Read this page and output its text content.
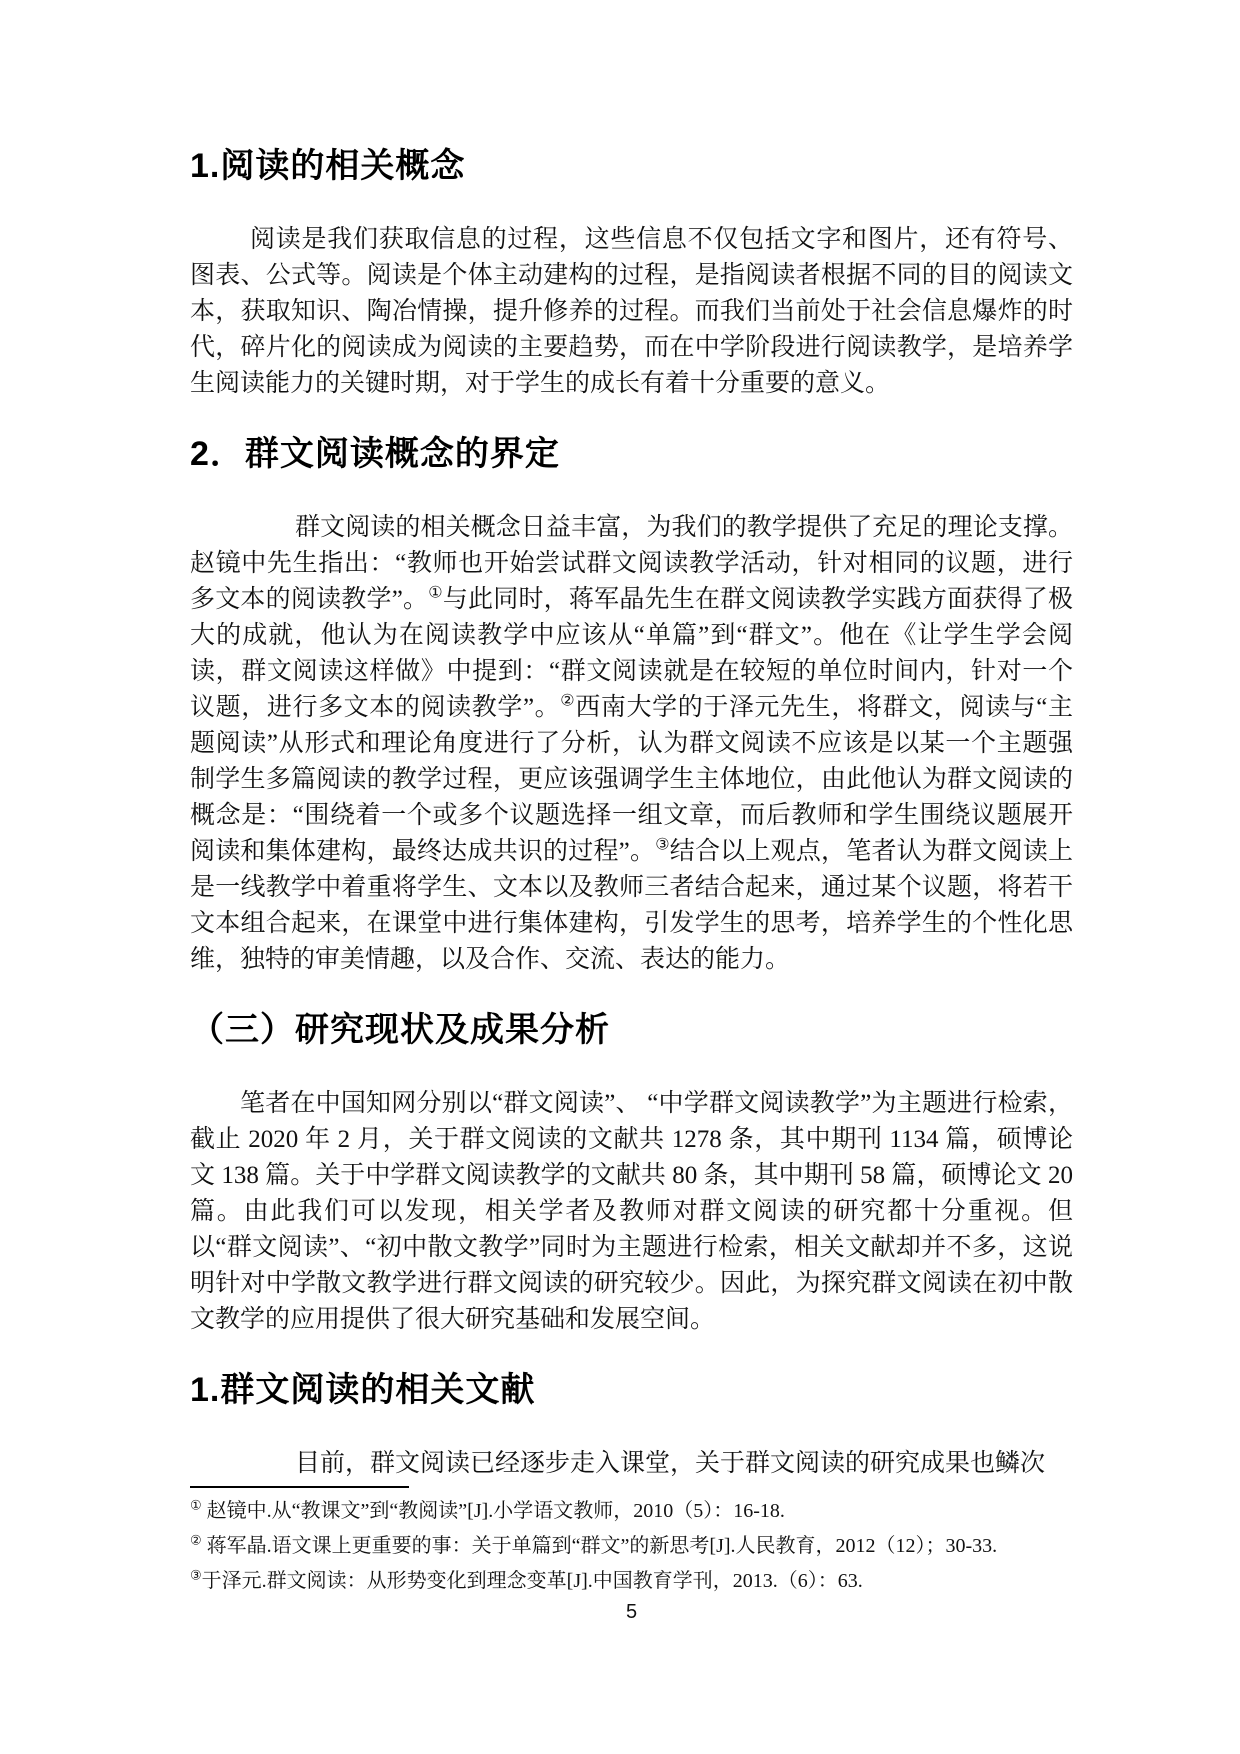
1.阅读的相关概念

阅读是我们获取信息的过程，这些信息不仅包括文字和图片，还有符号、图表、公式等。阅读是个体主动建构的过程，是指阅读者根据不同的目的阅读文本，获取知识、陶冶情操，提升修养的过程。而我们当前处于社会信息爆炸的时代，碎片化的阅读成为阅读的主要趋势，而在中学阶段进行阅读教学，是培养学生阅读能力的关键时期，对于学生的成长有着十分重要的意义。

2．群文阅读概念的界定

群文阅读的相关概念日益丰富，为我们的教学提供了充足的理论支撑。赵镜中先生指出：“教师也开始尝试群文阅读教学活动，针对相同的议题，进行多文本的阅读教学”。①与此同时，蒋军晶先生在群文阅读教学实践方面获得了极大的成就，他认为在阅读教学中应该从“单篇”到“群文”。他在《让学生学会阅读，群文阅读这样做》中提到：“群文阅读就是在较短的单位时间内，针对一个议题，进行多文本的阅读教学”。②西南大学的于泽元先生，将群文，阅读与“主题阅读”从形式和理论角度进行了分析，认为群文阅读不应该是以某一个主题强制学生多篇阅读的教学过程，更应该强调学生主体地位，由此他认为群文阅读的概念是：“围绕着一个或多个议题选择一组文章，而后教师和学生围绕议题展开阅读和集体建构，最终达成共识的过程”。③结合以上观点，笔者认为群文阅读上是一线教学中着重将学生、文本以及教师三者结合起来，通过某个议题，将若干文本组合起来，在课堂中进行集体建构，引发学生的思考，培养学生的个性化思维，独特的审美情趣，以及合作、交流、表达的能力。

（三）研究现状及成果分析

笔者在中国知网分别以“群文阅读”、 “中学群文阅读教学”为主题进行检索，截止 2020 年 2 月，关于群文阅读的文献共 1278 条，其中期刊 1134 篇，硕博论文 138 篇。关于中学群文阅读教学的文献共 80 条，其中期刊 58 篇，硕博论文 20 篇。由此我们可以发现，相关学者及教师对群文阅读的研究都十分重视。但以“群文阅读”、“初中散文教学”同时为主题进行检索，相关文献却并不多，这说明针对中学散文教学进行群文阅读的研究较少。因此，为探究群文阅读在初中散文教学的应用提供了很大研究基础和发展空间。

1.群文阅读的相关文献

目前，群文阅读已经逐步走入课堂，关于群文阅读的研究成果也鳞次

① 赵镜中.从“教课文”到“教阅读”[J].小学语文教师，2010（5）：16-18.
② 蒋军晶.语文课上更重要的事：关于单篇到“群文”的新思考[J].人民教育，2012（12）；30-33.
③于泽元.群文阅读：从形势变化到理念变革[J].中国教育学刊，2013.（6）：63.
5
